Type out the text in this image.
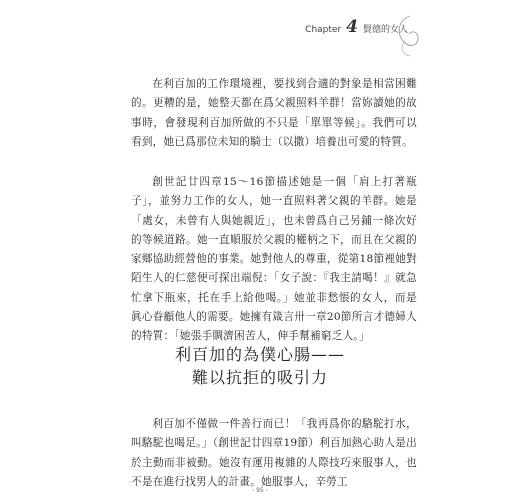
Chapter 4 賢德的女人

在利百加的工作環境裡，要找到合適的對象是相當困難的。更糟的是，她整天都在爲父親照料羊群！當妳讀她的故事時，會發現利百加所做的不只是「單單等候」。我們可以看到，她已爲那位未知的騎士（以撒）培養出可愛的特質。

創世記廿四章15～16節描述她是一個「肩上打著瓶子」，並努力工作的女人，她一直照料著父親的羊群。她是「處女，未曾有人與她親近」，也未曾爲自己另鋪一條次好的等候道路。她一直順服於父親的權柄之下，而且在父親的家鄉協助經營他的事業。她對他人的尊重，從第18節裡她對陌生人的仁慈便可探出端倪：「女子說：『我主請喝！』就急忙拿下瓶來，托在手上給他喝。」她並非愁悵的女人，而是眞心眷顧他人的需要。她擁有箴言卅一章20節所言才德婦人的特質：「她張手賙濟困苦人，伸手幫補窮乏人。」

利百加的為僕心腸——
難以抗拒的吸引力

利百加不僅做一件善行而已！「我再爲你的駱駝打水，叫駱駝也喝足。」（創世記廿四章19節）利百加熱心助人是出於主動而非被動。她沒有運用複雜的人際技巧來服事人，也不是在進行找男人的計畫。她服事人，辛勞工

- 95 -
